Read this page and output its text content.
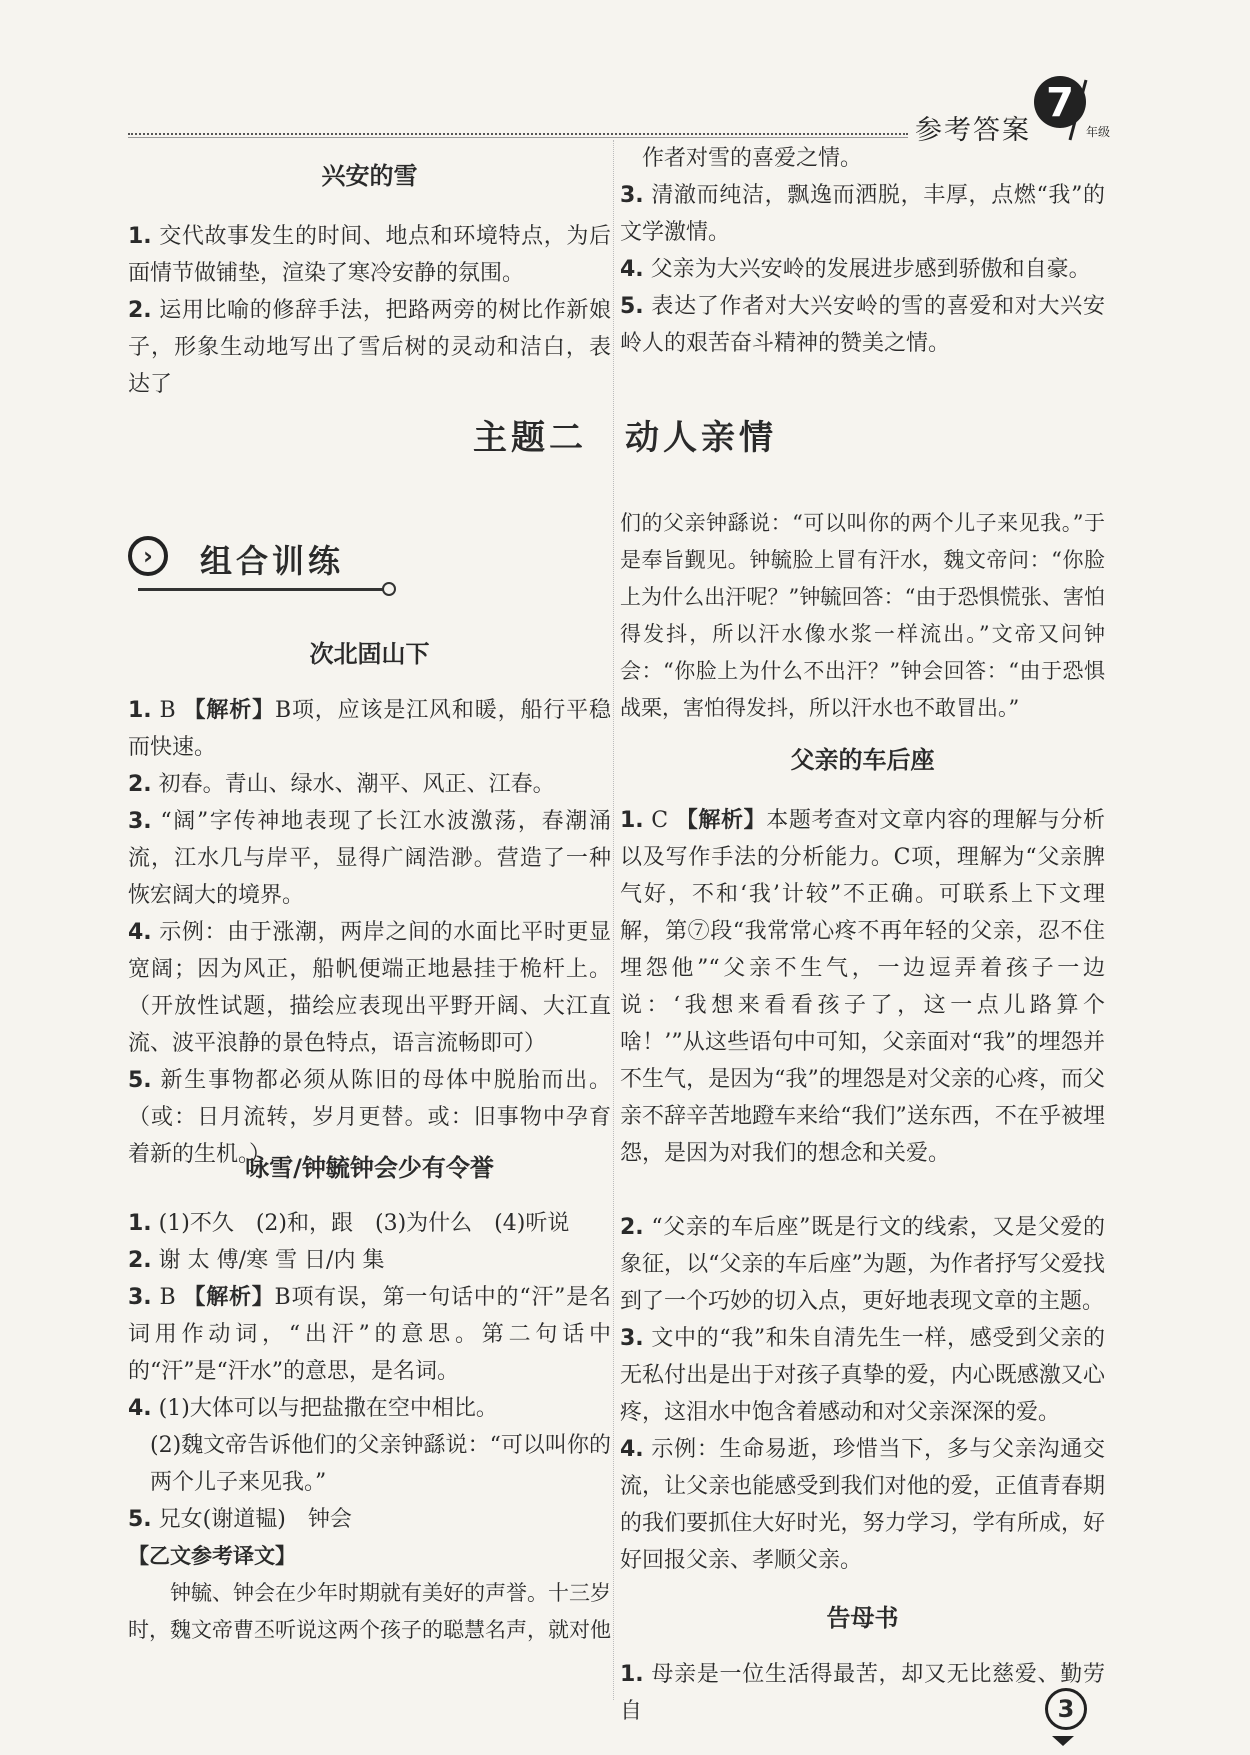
参考答案
7
年级
兴安的雪
1. 交代故事发生的时间、地点和环境特点，为后面情节做铺垫，渲染了寒冷安静的氛围。
2. 运用比喻的修辞手法，把路两旁的树比作新娘子，形象生动地写出了雪后树的灵动和洁白，表达了
次北固山下
1. B 【解析】B项，应该是江风和暖，船行平稳而快速。
2. 初春。青山、绿水、潮平、风正、江春。
3. “阔”字传神地表现了长江水波激荡，春潮涌流，江水几与岸平，显得广阔浩渺。营造了一种恢宏阔大的境界。
4. 示例：由于涨潮，两岸之间的水面比平时更显宽阔；因为风正，船帆便端正地悬挂于桅杆上。（开放性试题，描绘应表现出平野开阔、大江直流、波平浪静的景色特点，语言流畅即可）
5. 新生事物都必须从陈旧的母体中脱胎而出。（或：日月流转，岁月更替。或：旧事物中孕育着新的生机。）
咏雪/钟毓钟会少有令誉
1. (1)不久　(2)和，跟　(3)为什么　(4)听说
2. 谢 太 傅/寒 雪 日/内 集
3. B 【解析】B项有误，第一句话中的“汗”是名词用作动词，“出汗”的意思。第二句话中的“汗”是“汗水”的意思，是名词。
4. (1)大体可以与把盐撒在空中相比。
(2)魏文帝告诉他们的父亲钟繇说：“可以叫你的两个儿子来见我。”
5. 兄女(谢道韫)　钟会
【乙文参考译文】
钟毓、钟会在少年时期就有美好的声誉。十三岁时，魏文帝曹丕听说这两个孩子的聪慧名声，就对他
主题二　动人亲情
›	组合训练
作者对雪的喜爱之情。
3. 清澈而纯洁，飘逸而洒脱，丰厚，点燃“我”的文学激情。
4. 父亲为大兴安岭的发展进步感到骄傲和自豪。
5. 表达了作者对大兴安岭的雪的喜爱和对大兴安岭人的艰苦奋斗精神的赞美之情。
们的父亲钟繇说：“可以叫你的两个儿子来见我。”于是奉旨觐见。钟毓脸上冒有汗水，魏文帝问：“你脸上为什么出汗呢？”钟毓回答：“由于恐惧慌张、害怕得发抖，所以汗水像水浆一样流出。”文帝又问钟会：“你脸上为什么不出汗？”钟会回答：“由于恐惧战栗，害怕得发抖，所以汗水也不敢冒出。”
父亲的车后座
1. C 【解析】本题考查对文章内容的理解与分析以及写作手法的分析能力。C项，理解为“父亲脾气好，不和‘我’计较”不正确。可联系上下文理解，第⑦段“我常常心疼不再年轻的父亲，忍不住埋怨他”“父亲不生气，一边逗弄着孩子一边说：‘我想来看看孩子了，这一点儿路算个啥！’”从这些语句中可知，父亲面对“我”的埋怨并不生气，是因为“我”的埋怨是对父亲的心疼，而父亲不辞辛苦地蹬车来给“我们”送东西，不在乎被埋怨，是因为对我们的想念和关爱。
2. “父亲的车后座”既是行文的线索，又是父爱的象征，以“父亲的车后座”为题，为作者抒写父爱找到了一个巧妙的切入点，更好地表现文章的主题。
3. 文中的“我”和朱自清先生一样，感受到父亲的无私付出是出于对孩子真挚的爱，内心既感激又心疼，这泪水中饱含着感动和对父亲深深的爱。
4. 示例：生命易逝，珍惜当下，多与父亲沟通交流，让父亲也能感受到我们对他的爱，正值青春期的我们要抓住大好时光，努力学习，学有所成，好好回报父亲、孝顺父亲。
告母书
1. 母亲是一位生活得最苦，却又无比慈爱、勤劳自	3
